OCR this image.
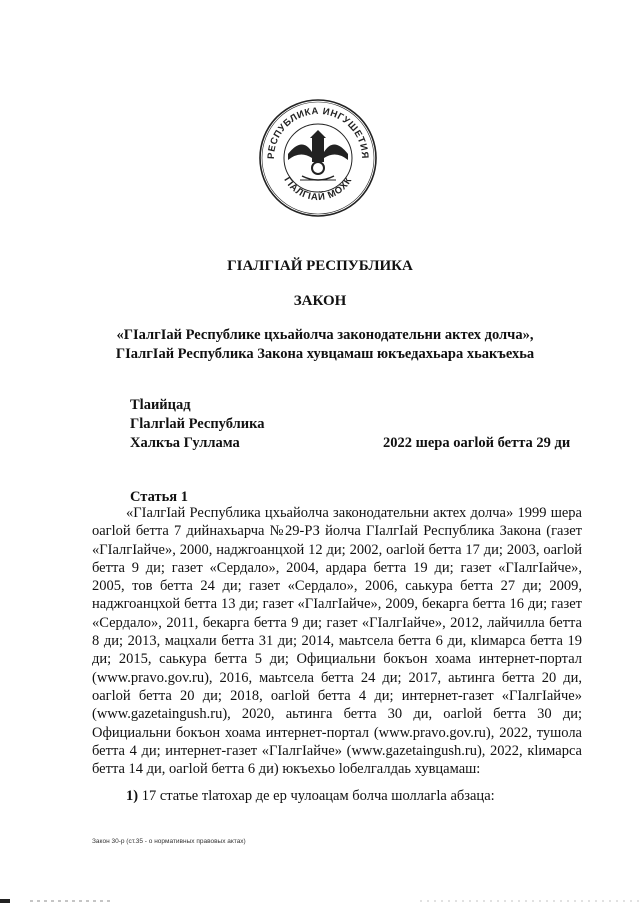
РЕСПУБЛИКА ИНГУШЕТИЯ
ГIАЛГIАЙ МОХК
ГIАЛГIАЙ РЕСПУБЛИКА
ЗАКОН
«ГIалгIай Республике цхьайолча законодательни актех долча»,
ГIалгIай Республика Закона хувцамаш юкъедахьара хьакъехьа
Тlаийцад
Гlалгlай Республика
Халкъа Гуллама	2022 шера оагlой бетта 29 ди
Статья 1

«ГIалгIай Республика цхьайолча законодательни актех долча» 1999 шера оагlой бетта 7 дийнахьарча №29-РЗ йолча ГIалгIай Республика Закона (газет «ГIалгIайче», 2000, наджгоанцхой 12 ди; 2002, оагlой бетта 17 ди; 2003, оагlой бетта 9 ди; газет «Сердало», 2004, ардара бетта 19 ди; газет «ГIалгIайче», 2005, тов бетта 24 ди; газет «Сердало», 2006, саькура бетта 27 ди; 2009, наджгоанцхой бетта 13 ди; газет «ГIалгIайче», 2009, бекарга бетта 16 ди; газет «Сердало», 2011, бекарга бетта 9 ди; газет «ГIалгIайче», 2012, лайчилла бетта 8 ди; 2013, мацхали бетта 31 ди; 2014, маьтсела бетта 6 ди, кlимарса бетта 19 ди; 2015, саькура бетта 5 ди; Официальни бокъон хоама интернет-портал (www.pravo.gov.ru), 2016, маьтсела бетта 24 ди; 2017, аьтинга бетта 20 ди, оагlой бетта 20 ди; 2018, оагlой бетта 4 ди; интернет-газет «ГIалгIайче» (www.gazetaingush.ru), 2020, аьтинга бетта 30 ди, оагlой бетта 30 ди; Официальни бокъон хоама интернет-портал (www.pravo.gov.ru), 2022, тушола бетта 4 ди; интернет-газет «ГIалгIайче» (www.gazetaingush.ru), 2022, кlимарса бетта 14 ди, оагlой бетта 6 ди) юкъехьо lобелгалдаь хувцамаш:

1) 17 статье тlатохар де ер чулоацам болча шоллагlа абзаца:
Закон 30-р (ст.35 - о нормативных правовых актах)
